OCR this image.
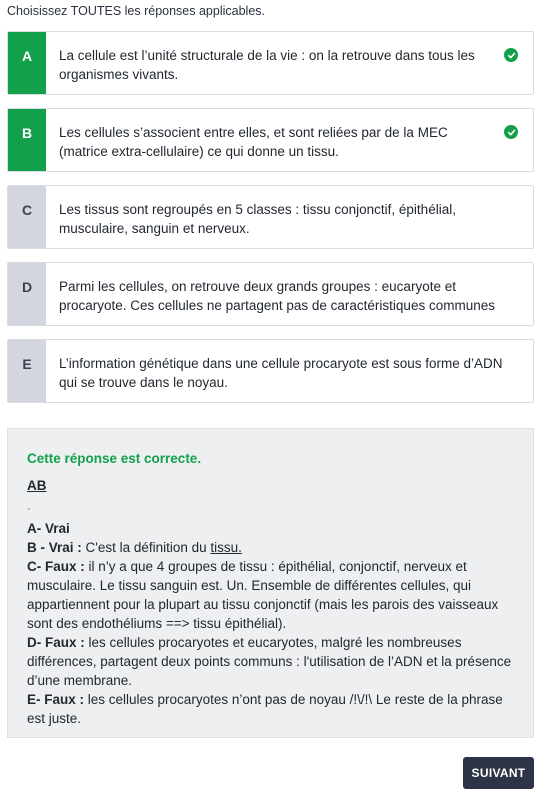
Choisissez TOUTES les réponses applicables.
A	La cellule est l’unité structurale de la vie : on la retrouve dans tous les organismes vivants.
B	Les cellules s’associent entre elles, et sont reliées par de la MEC (matrice extra-cellulaire) ce qui donne un tissu.
C	Les tissus sont regroupés en 5 classes : tissu conjonctif, épithélial, musculaire, sanguin et nerveux.
D	Parmi les cellules, on retrouve deux grands groupes : eucaryote et procaryote. Ces cellules ne partagent pas de caractéristiques communes
E	L’information génétique dans une cellule procaryote est sous forme d’ADN qui se trouve dans le noyau.
Cette réponse est correcte.
AB
-
A- Vrai
B - Vrai : C'est la définition du tissu.
C- Faux : il n’y a que 4 groupes de tissu : épithélial, conjonctif, nerveux et musculaire. Le tissu sanguin est. Un. Ensemble de différentes cellules, qui appartiennent pour la plupart au tissu conjonctif (mais les parois des vaisseaux sont des endothéliums ==> tissu épithélial).
D- Faux : les cellules procaryotes et eucaryotes, malgré les nombreuses différences, partagent deux points communs : l'utilisation de l’ADN et la présence d’une membrane.
E- Faux : les cellules procaryotes n’ont pas de noyau /!\/!\ Le reste de la phrase est juste.
SUIVANT
